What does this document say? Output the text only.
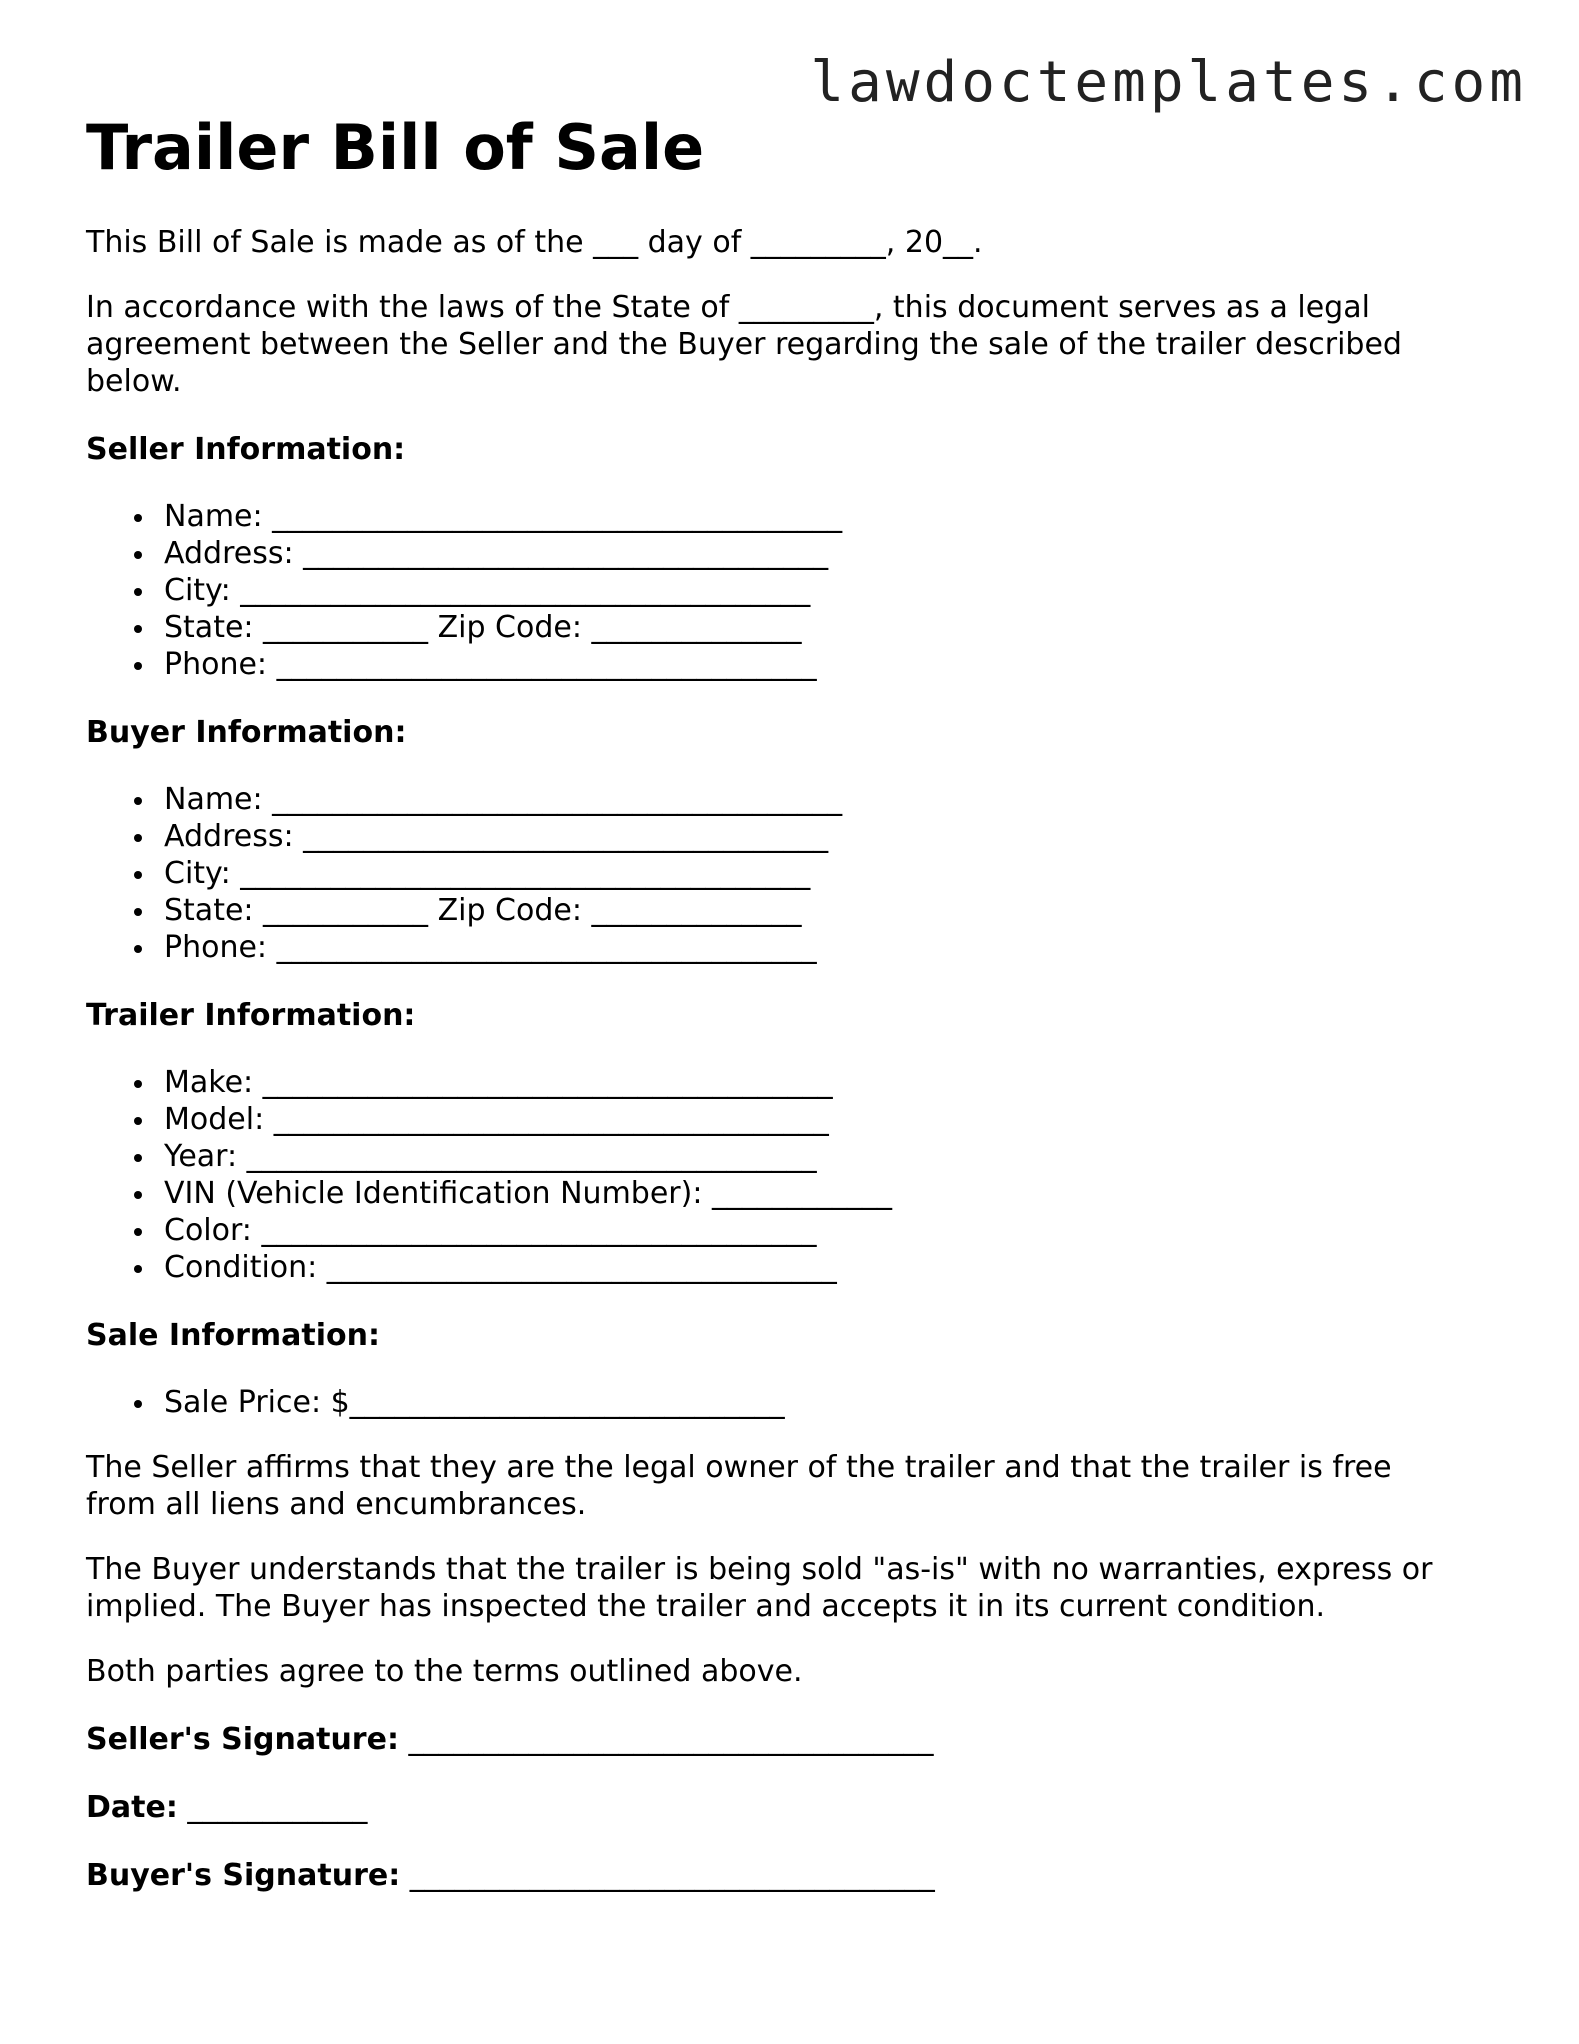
lawdoctemplates.com
Trailer Bill of Sale

This Bill of Sale is made as of the ___ day of _________, 20__.

In accordance with the laws of the State of _________, this document serves as a legal
agreement between the Seller and the Buyer regarding the sale of the trailer described
below.

Seller Information:
Name: ______________________________________
Address: ___________________________________
City: ______________________________________
State: ___________ Zip Code: ______________
Phone: ____________________________________
Buyer Information:
Name: ______________________________________
Address: ___________________________________
City: ______________________________________
State: ___________ Zip Code: ______________
Phone: ____________________________________
Trailer Information:
Make: ______________________________________
Model: _____________________________________
Year: ______________________________________
VIN (Vehicle Identification Number): ____________
Color: _____________________________________
Condition: __________________________________
Sale Information:
Sale Price: $_____________________________

The Seller affirms that they are the legal owner of the trailer and that the trailer is free
from all liens and encumbrances.

The Buyer understands that the trailer is being sold "as-is" with no warranties, express or
implied. The Buyer has inspected the trailer and accepts it in its current condition.

Both parties agree to the terms outlined above.

Seller's Signature: ___________________________________
Date: ____________
Buyer's Signature: ___________________________________
